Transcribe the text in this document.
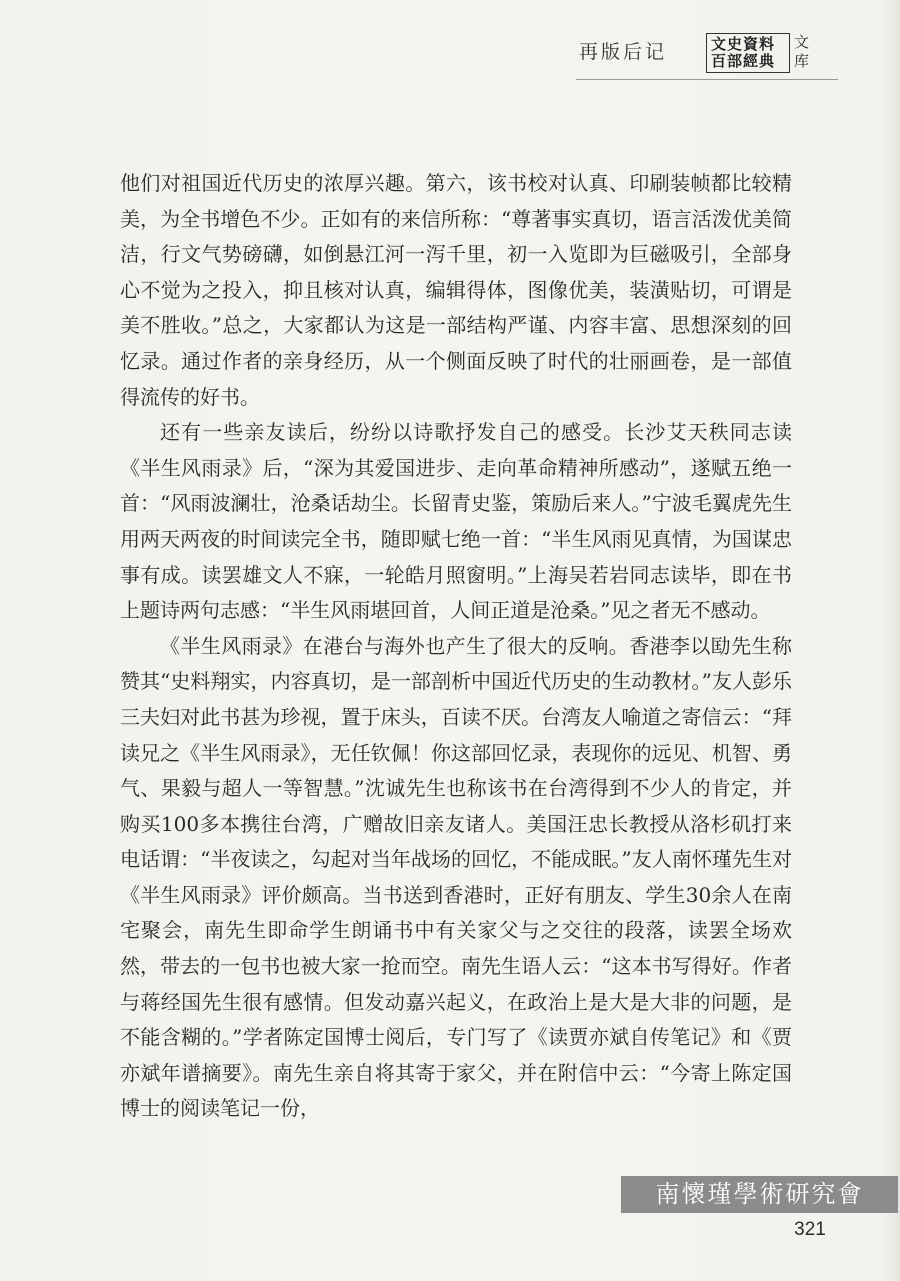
再版后记	文史資料
百部經典
文库

他们对祖国近代历史的浓厚兴趣。第六，该书校对认真、印刷装帧都比较精美，为全书增色不少。正如有的来信所称：“尊著事实真切，语言活泼优美简洁，行文气势磅礴，如倒悬江河一泻千里，初一入览即为巨磁吸引，全部身心不觉为之投入，抑且核对认真，编辑得体，图像优美，装潢贴切，可谓是美不胜收。”总之，大家都认为这是一部结构严谨、内容丰富、思想深刻的回忆录。通过作者的亲身经历，从一个侧面反映了时代的壮丽画卷，是一部值得流传的好书。

还有一些亲友读后，纷纷以诗歌抒发自己的感受。长沙艾天秩同志读《半生风雨录》后，“深为其爱国进步、走向革命精神所感动”，遂赋五绝一首：“风雨波澜壮，沧桑话劫尘。长留青史鉴，策励后来人。”宁波毛翼虎先生用两天两夜的时间读完全书，随即赋七绝一首：“半生风雨见真情，为国谋忠事有成。读罢雄文人不寐，一轮皓月照窗明。”上海吴若岩同志读毕，即在书上题诗两句志感：“半生风雨堪回首，人间正道是沧桑。”见之者无不感动。

《半生风雨录》在港台与海外也产生了很大的反响。香港李以劻先生称赞其“史料翔实，内容真切，是一部剖析中国近代历史的生动教材。”友人彭乐三夫妇对此书甚为珍视，置于床头，百读不厌。台湾友人喻道之寄信云：“拜读兄之《半生风雨录》，无任钦佩！你这部回忆录，表现你的远见、机智、勇气、果毅与超人一等智慧。”沈诚先生也称该书在台湾得到不少人的肯定，并购买100多本携往台湾，广赠故旧亲友诸人。美国汪忠长教授从洛杉矶打来电话谓：“半夜读之，勾起对当年战场的回忆，不能成眠。”友人南怀瑾先生对《半生风雨录》评价颇高。当书送到香港时，正好有朋友、学生30余人在南宅聚会，南先生即命学生朗诵书中有关家父与之交往的段落，读罢全场欢然，带去的一包书也被大家一抢而空。南先生语人云：“这本书写得好。作者与蒋经国先生很有感情。但发动嘉兴起义，在政治上是大是大非的问题，是不能含糊的。”学者陈定国博士阅后，专门写了《读贾亦斌自传笔记》和《贾亦斌年谱摘要》。南先生亲自将其寄于家父，并在附信中云：“今寄上陈定国博士的阅读笔记一份，

南懷瑾學術研究會
321
